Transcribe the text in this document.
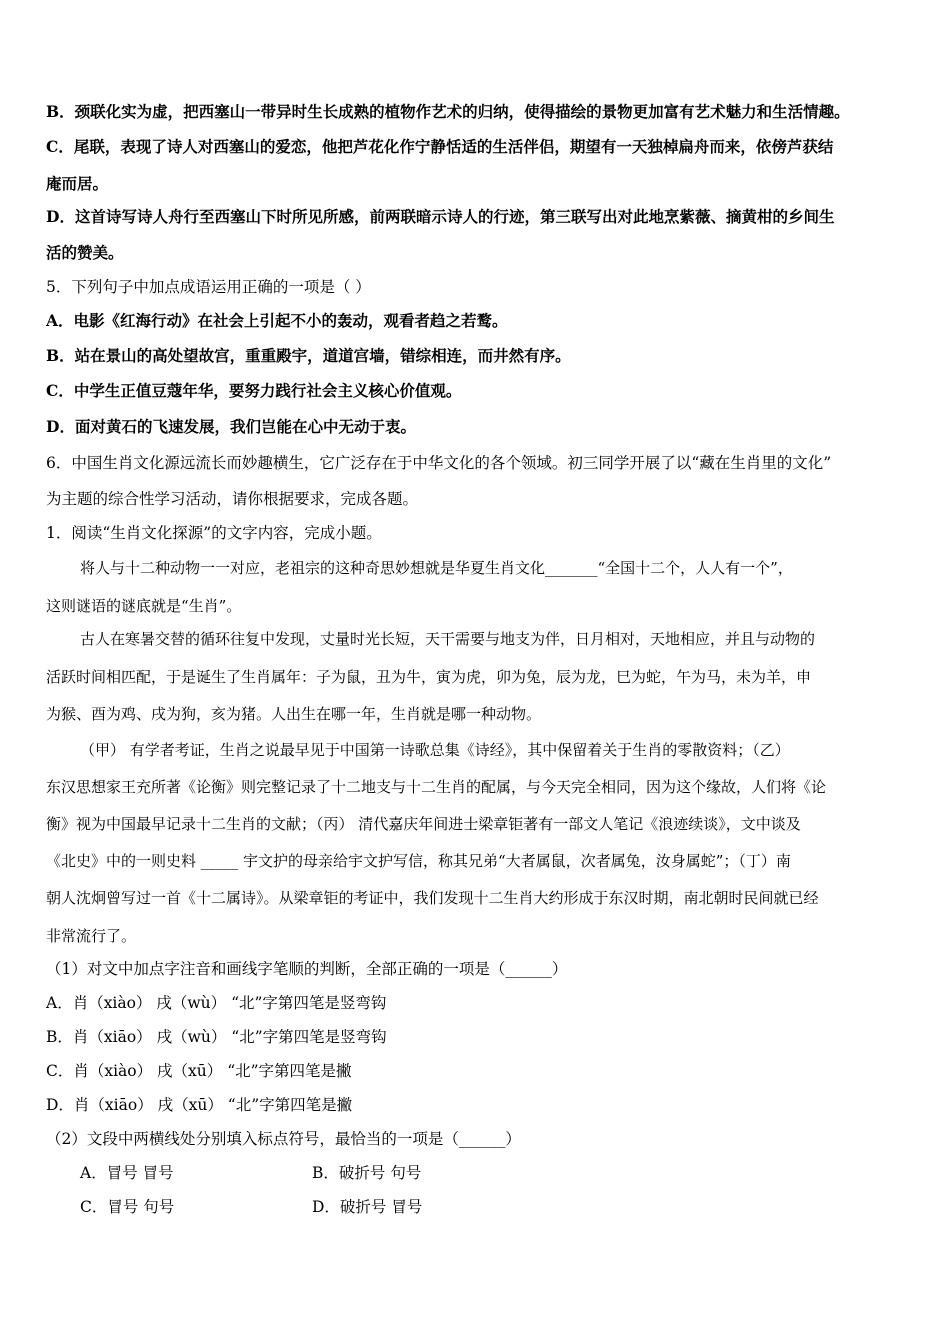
B．颈联化实为虚，把西塞山一带异时生长成熟的植物作艺术的归纳，使得描绘的景物更加富有艺术魅力和生活情趣。
C．尾联，表现了诗人对西塞山的爱恋，他把芦花化作宁静恬适的生活伴侣，期望有一天独棹扁舟而来，依傍芦获结
庵而居。
D．这首诗写诗人舟行至西塞山下时所见所感，前两联暗示诗人的行迹，第三联写出对此地烹紫薇、摘黄柑的乡间生
活的赞美。
5．下列句子中加点成语运用正确的一项是（ ）
A．电影《红海行动》在社会上引起不小的轰动，观看者趋之若鹜。
B．站在景山的高处望故宫，重重殿宇，道道宫墙，错综相连，而井然有序。
C．中学生正值豆蔻年华，要努力践行社会主义核心价值观。
D．面对黄石的飞速发展，我们岂能在心中无动于衷。
6．中国生肖文化源远流长而妙趣横生，它广泛存在于中华文化的各个领域。初三同学开展了以“藏在生肖里的文化”
为主题的综合性学习活动，请你根据要求，完成各题。
1．阅读“生肖文化探源”的文字内容，完成小题。
将人与十二种动物一一对应，老祖宗的这种奇思妙想就是华夏生肖文化_______“全国十二个，人人有一个”，
这则谜语的谜底就是“生肖”。
古人在寒暑交替的循环往复中发现，丈量时光长短，天干需要与地支为伴，日月相对，天地相应，并且与动物的
活跃时间相匹配，于是诞生了生肖属年：子为鼠，丑为牛，寅为虎，卯为兔，辰为龙，巳为蛇，午为马，未为羊，申
为猴、酉为鸡、戌为狗，亥为猪。人出生在哪一年，生肖就是哪一种动物。
（甲） 有学者考证，生肖之说最早见于中国第一诗歌总集《诗经》，其中保留着关于生肖的零散资料；（乙）
东汉思想家王充所著《论衡》则完整记录了十二地支与十二生肖的配属，与今天完全相同，因为这个缘故，人们将《论
衡》视为中国最早记录十二生肖的文献；（丙） 清代嘉庆年间进士梁章钜著有一部文人笔记《浪迹续谈》，文中谈及
《北史》中的一则史料 _____ 宇文护的母亲给宇文护写信，称其兄弟“大者属鼠，次者属兔，汝身属蛇”；（丁）南
朝人沈炯曾写过一首《十二属诗》。从梁章钜的考证中，我们发现十二生肖大约形成于东汉时期，南北朝时民间就已经
非常流行了。
（1）对文中加点字注音和画线字笔顺的判断，全部正确的一项是（______）
A．肖（xiào） 戌（wù） “北”字第四笔是竖弯钩
B．肖（xiāo） 戌（wù） “北”字第四笔是竖弯钩
C．肖（xiào） 戌（xū） “北”字第四笔是撇
D．肖（xiāo） 戌（xū） “北”字第四笔是撇
（2）文段中两横线处分别填入标点符号，最恰当的一项是（______）
A．冒号 冒号	B．破折号 句号
C．冒号 句号	D．破折号 冒号
